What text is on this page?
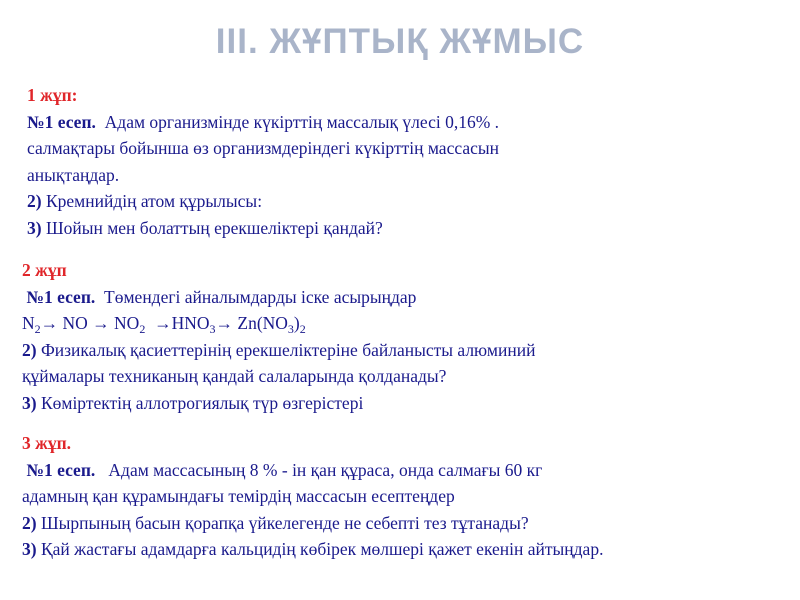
III. ЖҰПТЫҚ ЖҰМЫС
1 жұп:
№1 есеп. Адам организмінде күкірттің массалық үлесі 0,16% .
салмақтары бойынша өз организмдеріндегі күкірттің массасын
анықтаңдар.
2) Кремнийдің атом құрылысы:
3) Шойын мен болаттың ерекшеліктері қандай?
2 жұп
№1 есеп. Төмендегі айналымдарды іске асырыңдар
$N_2\to$ NO → $NO_2 \to HNO_3\to Zn(NO_3)_2$
2) Физикалық қасиеттерінің ерекшеліктеріне байланысты алюминий
құймалары техниканың қандай салаларында қолданады?
3) Көміртектің аллотрогиялық түр өзгерістері
3 жұп.
№1 есеп. Адам массасының 8 % - ін қан құраса, онда салмағы 60 кг
адамның қан құрамындағы темірдің массасын есептеңдер
2) Шырпының басын қорапқа үйкелегенде не себепті тез тұтанады?
3) Қай жастағы адамдарға кальцидің көбірек мөлшері қажет екенін айтыңдар.
